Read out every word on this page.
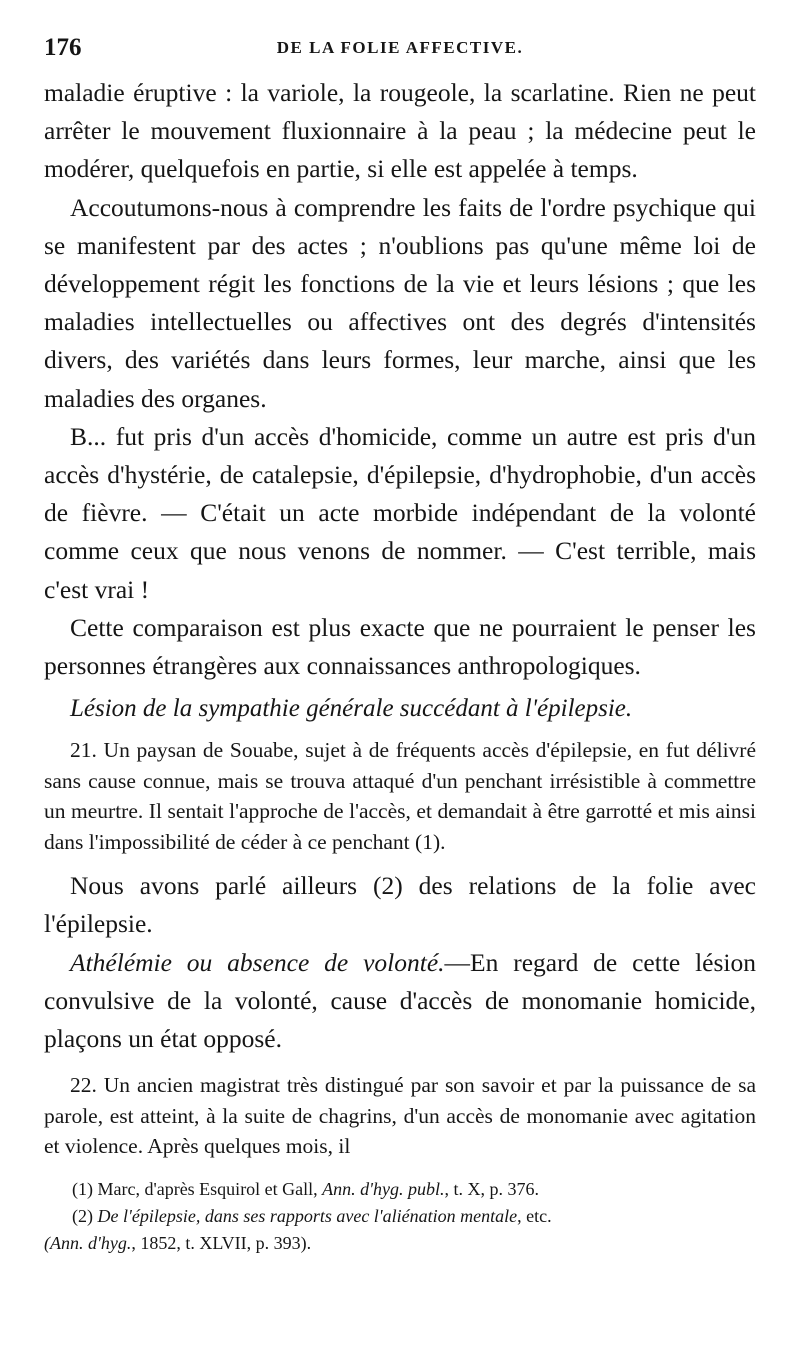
176	DE LA FOLIE AFFECTIVE.

maladie éruptive : la variole, la rougeole, la scarlatine. Rien ne peut arrêter le mouvement fluxionnaire à la peau ; la médecine peut le modérer, quelquefois en partie, si elle est appelée à temps.

Accoutumons-nous à comprendre les faits de l'ordre psychique qui se manifestent par des actes ; n'oublions pas qu'une même loi de développement régit les fonctions de la vie et leurs lésions ; que les maladies intellectuelles ou affectives ont des degrés d'intensités divers, des variétés dans leurs formes, leur marche, ainsi que les maladies des organes.

B... fut pris d'un accès d'homicide, comme un autre est pris d'un accès d'hystérie, de catalepsie, d'épilepsie, d'hydrophobie, d'un accès de fièvre. — C'était un acte morbide indépendant de la volonté comme ceux que nous venons de nommer. — C'est terrible, mais c'est vrai !

Cette comparaison est plus exacte que ne pourraient le penser les personnes étrangères aux connaissances anthropologiques.

Lésion de la sympathie générale succédant à l'épilepsie.

21. Un paysan de Souabe, sujet à de fréquents accès d'épilepsie, en fut délivré sans cause connue, mais se trouva attaqué d'un penchant irrésistible à commettre un meurtre. Il sentait l'approche de l'accès, et demandait à être garrotté et mis ainsi dans l'impossibilité de céder à ce penchant (1).

Nous avons parlé ailleurs (2) des relations de la folie avec l'épilepsie.

Athélémie ou absence de volonté.—En regard de cette lésion convulsive de la volonté, cause d'accès de monomanie homicide, plaçons un état opposé.

22. Un ancien magistrat très distingué par son savoir et par la puissance de sa parole, est atteint, à la suite de chagrins, d'un accès de monomanie avec agitation et violence. Après quelques mois, il

(1) Marc, d'après Esquirol et Gall, Ann. d'hyg. publ., t. X, p. 376.

(2) De l'épilepsie, dans ses rapports avec l'aliénation mentale, etc.

(Ann. d'hyg., 1852, t. XLVII, p. 393).
